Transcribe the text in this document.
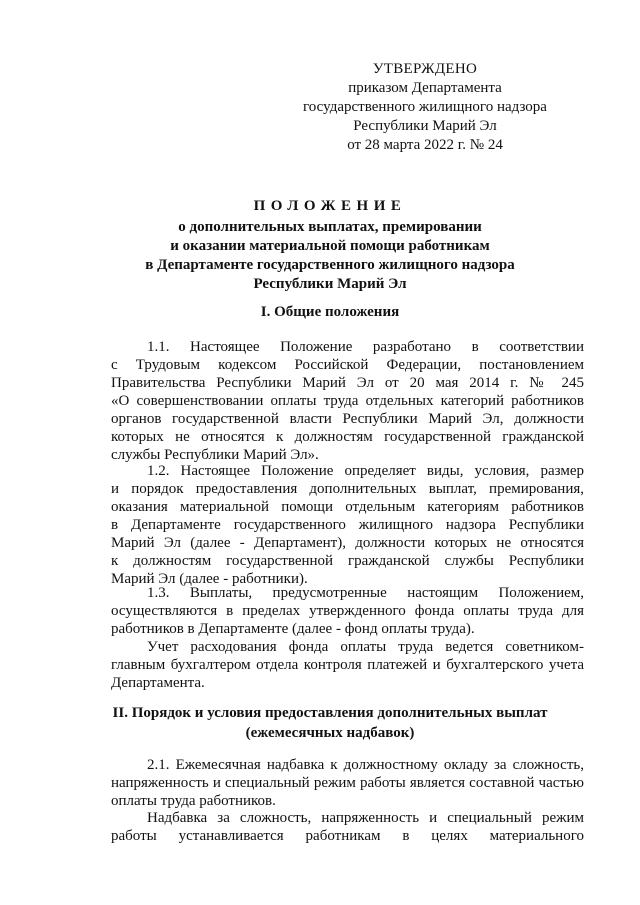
УТВЕРЖДЕНО
приказом Департамента
государственного жилищного надзора
Республики Марий Эл
от 28 марта 2022 г. № 24
ПОЛОЖЕНИЕ
о дополнительных выплатах, премировании
и оказании материальной помощи работникам
в Департаменте государственного жилищного надзора
Республики Марий Эл
I. Общие положения
1.1. Настоящее Положение разработано в соответствии
с Трудовым кодексом Российской Федерации, постановлением
Правительства Республики Марий Эл от 20 мая 2014 г. № 245
«О совершенствовании оплаты труда отдельных категорий работников
органов государственной власти Республики Марий Эл, должности
которых не относятся к должностям государственной гражданской
службы Республики Марий Эл».
1.2. Настоящее Положение определяет виды, условия, размер
и порядок предоставления дополнительных выплат, премирования,
оказания материальной помощи отдельным категориям работников
в Департаменте государственного жилищного надзора Республики
Марий Эл (далее - Департамент), должности которых не относятся
к должностям государственной гражданской службы Республики
Марий Эл (далее - работники).
1.3. Выплаты, предусмотренные настоящим Положением,
осуществляются в пределах утвержденного фонда оплаты труда для
работников в Департаменте (далее - фонд оплаты труда).
Учет расходования фонда оплаты труда ведется советником-
главным бухгалтером отдела контроля платежей и бухгалтерского учета
Департамента.
II. Порядок и условия предоставления дополнительных выплат
(ежемесячных надбавок)
2.1. Ежемесячная надбавка к должностному окладу за сложность,
напряженность и специальный режим работы является составной частью
оплаты труда работников.
Надбавка за сложность, напряженность и специальный режим
работы устанавливается работникам в целях материального
